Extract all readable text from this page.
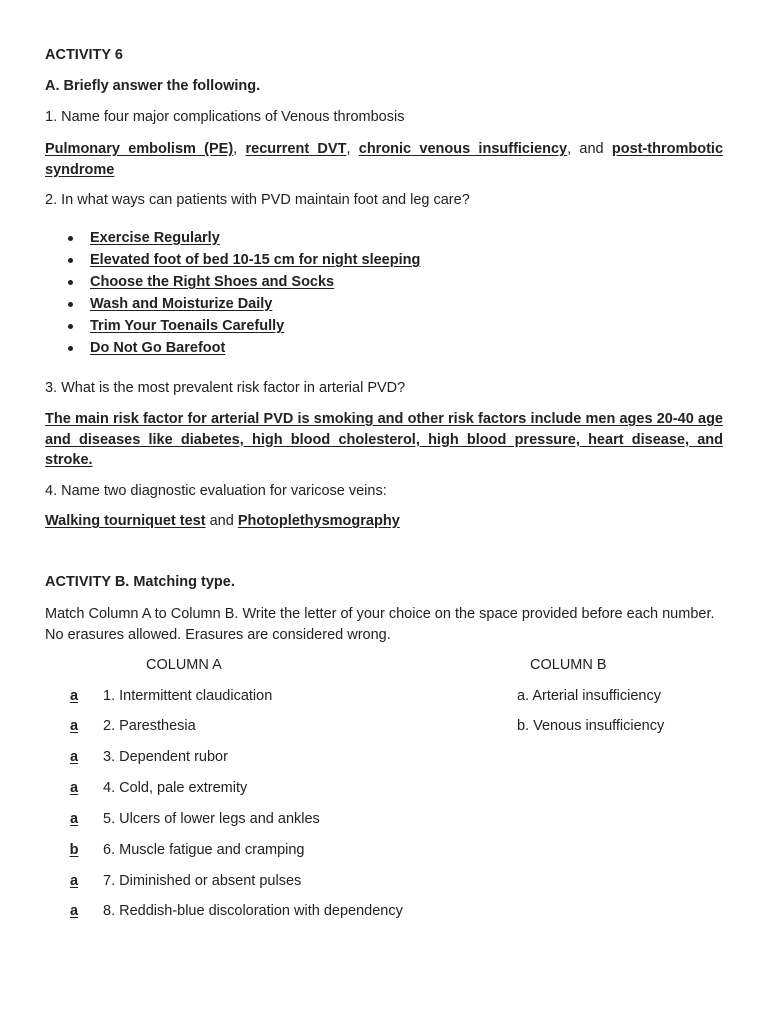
ACTIVITY 6
A. Briefly answer the following.
1. Name four major complications of Venous thrombosis
Pulmonary embolism (PE), recurrent DVT, chronic venous insufficiency, and post-thrombotic syndrome
2. In what ways can patients with PVD maintain foot and leg care?
Exercise Regularly
Elevated foot of bed 10-15 cm for night sleeping
Choose the Right Shoes and Socks
Wash and Moisturize Daily
Trim Your Toenails Carefully
Do Not Go Barefoot
3. What is the most prevalent risk factor in arterial PVD?
The main risk factor for arterial PVD is smoking and other risk factors include men ages 20-40 age and diseases like diabetes, high blood cholesterol, high blood pressure, heart disease, and stroke.
4. Name two diagnostic evaluation for varicose veins:
Walking tourniquet test and Photoplethysmography
ACTIVITY B. Matching type.
Match Column A to Column B. Write the letter of your choice on the space provided before each number. No erasures allowed. Erasures are considered wrong.
COLUMN A	COLUMN B
a 1. Intermittent claudication
a 2. Paresthesia
a 3. Dependent rubor
a 4. Cold, pale extremity
a 5. Ulcers of lower legs and ankles
b 6. Muscle fatigue and cramping
a 7. Diminished or absent pulses
a 8. Reddish-blue discoloration with dependency
a. Arterial insufficiency
b. Venous insufficiency
